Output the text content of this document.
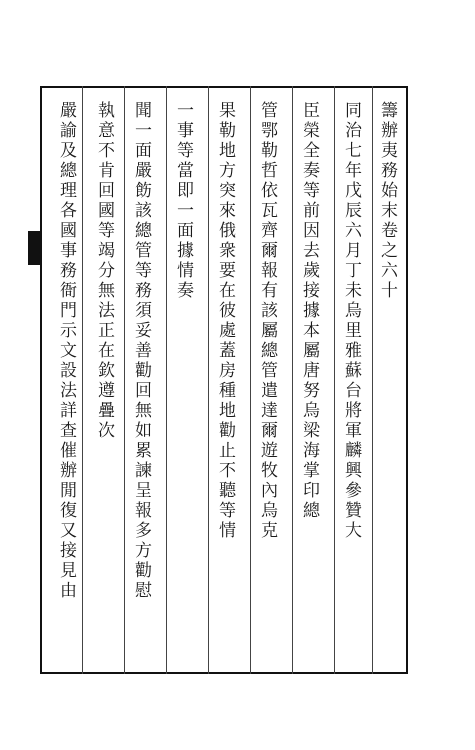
籌辦夷務始末卷之六十
同治七年戊辰六月丁未烏里雅蘇台將軍麟興參贊大
臣榮全奏等前因去歲接據本屬唐努烏梁海掌印總
管鄂勒哲依瓦齊爾報有該屬總管遣達爾遊牧內烏克
果勒地方突來俄衆要在彼處蓋房種地勸止不聽等情
一事等當即一面據情奏
聞一面嚴飭該總管等務須妥善勸回無如累諫呈報多方勸慰
執意不肯回國等竭分無法正在欽遵疊次
嚴諭及總理各國事務衙門示文設法詳查催辦閒復又接見由
